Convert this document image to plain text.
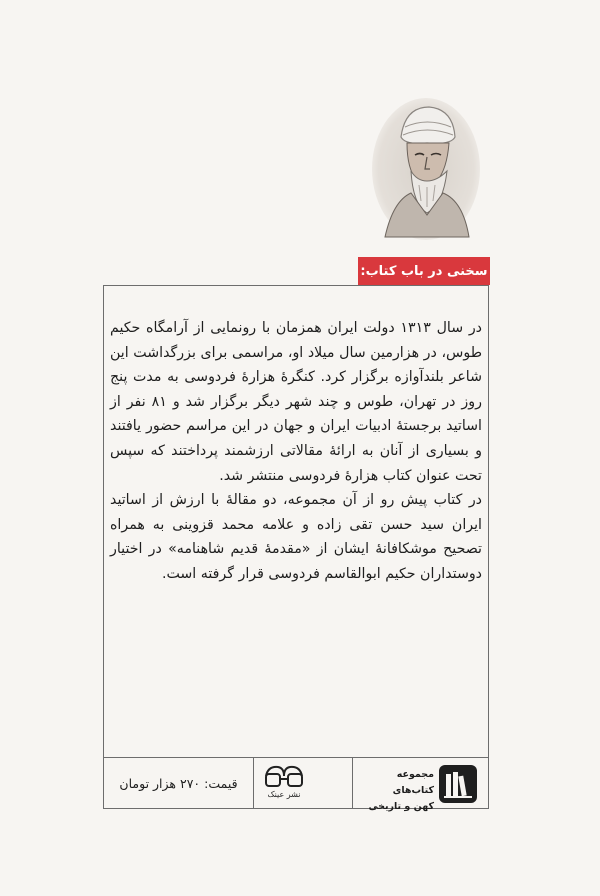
سخنی در باب کتاب:

در سال ۱۳۱۳ دولت ایران همزمان با رونمایی از آرامگاه حکیم طوس، در هزارمین سال میلاد او، مراسمی برای بزرگداشت این شاعر بلندآوازه برگزار کرد. کنگرۀ هزارۀ فردوسی به مدت پنج روز در تهران، طوس و چند شهر دیگر برگزار شد و ۸۱ نفر از اساتید برجستۀ ادبیات ایران و جهان در این مراسم حضور یافتند و بسیاری از آنان به ارائۀ مقالاتی ارزشمند پرداختند که سپس تحت عنوان کتاب هزارۀ فردوسی منتشر شد.

در کتاب پیش رو از آن مجموعه، دو مقالۀ با ارزش از اساتید ایران سید حسن تقی زاده و علامه محمد قزوینی به همراه تصحیح موشکافانۀ ایشان از «مقدمۀ قدیم شاهنامه» در اختیار دوستداران حکیم ابوالقاسم فردوسی قرار گرفته است.

قیمت: ۲۷۰ هزار تومان
نشر عینک
مجموعه کتاب‌های
کهن و تاریخی
